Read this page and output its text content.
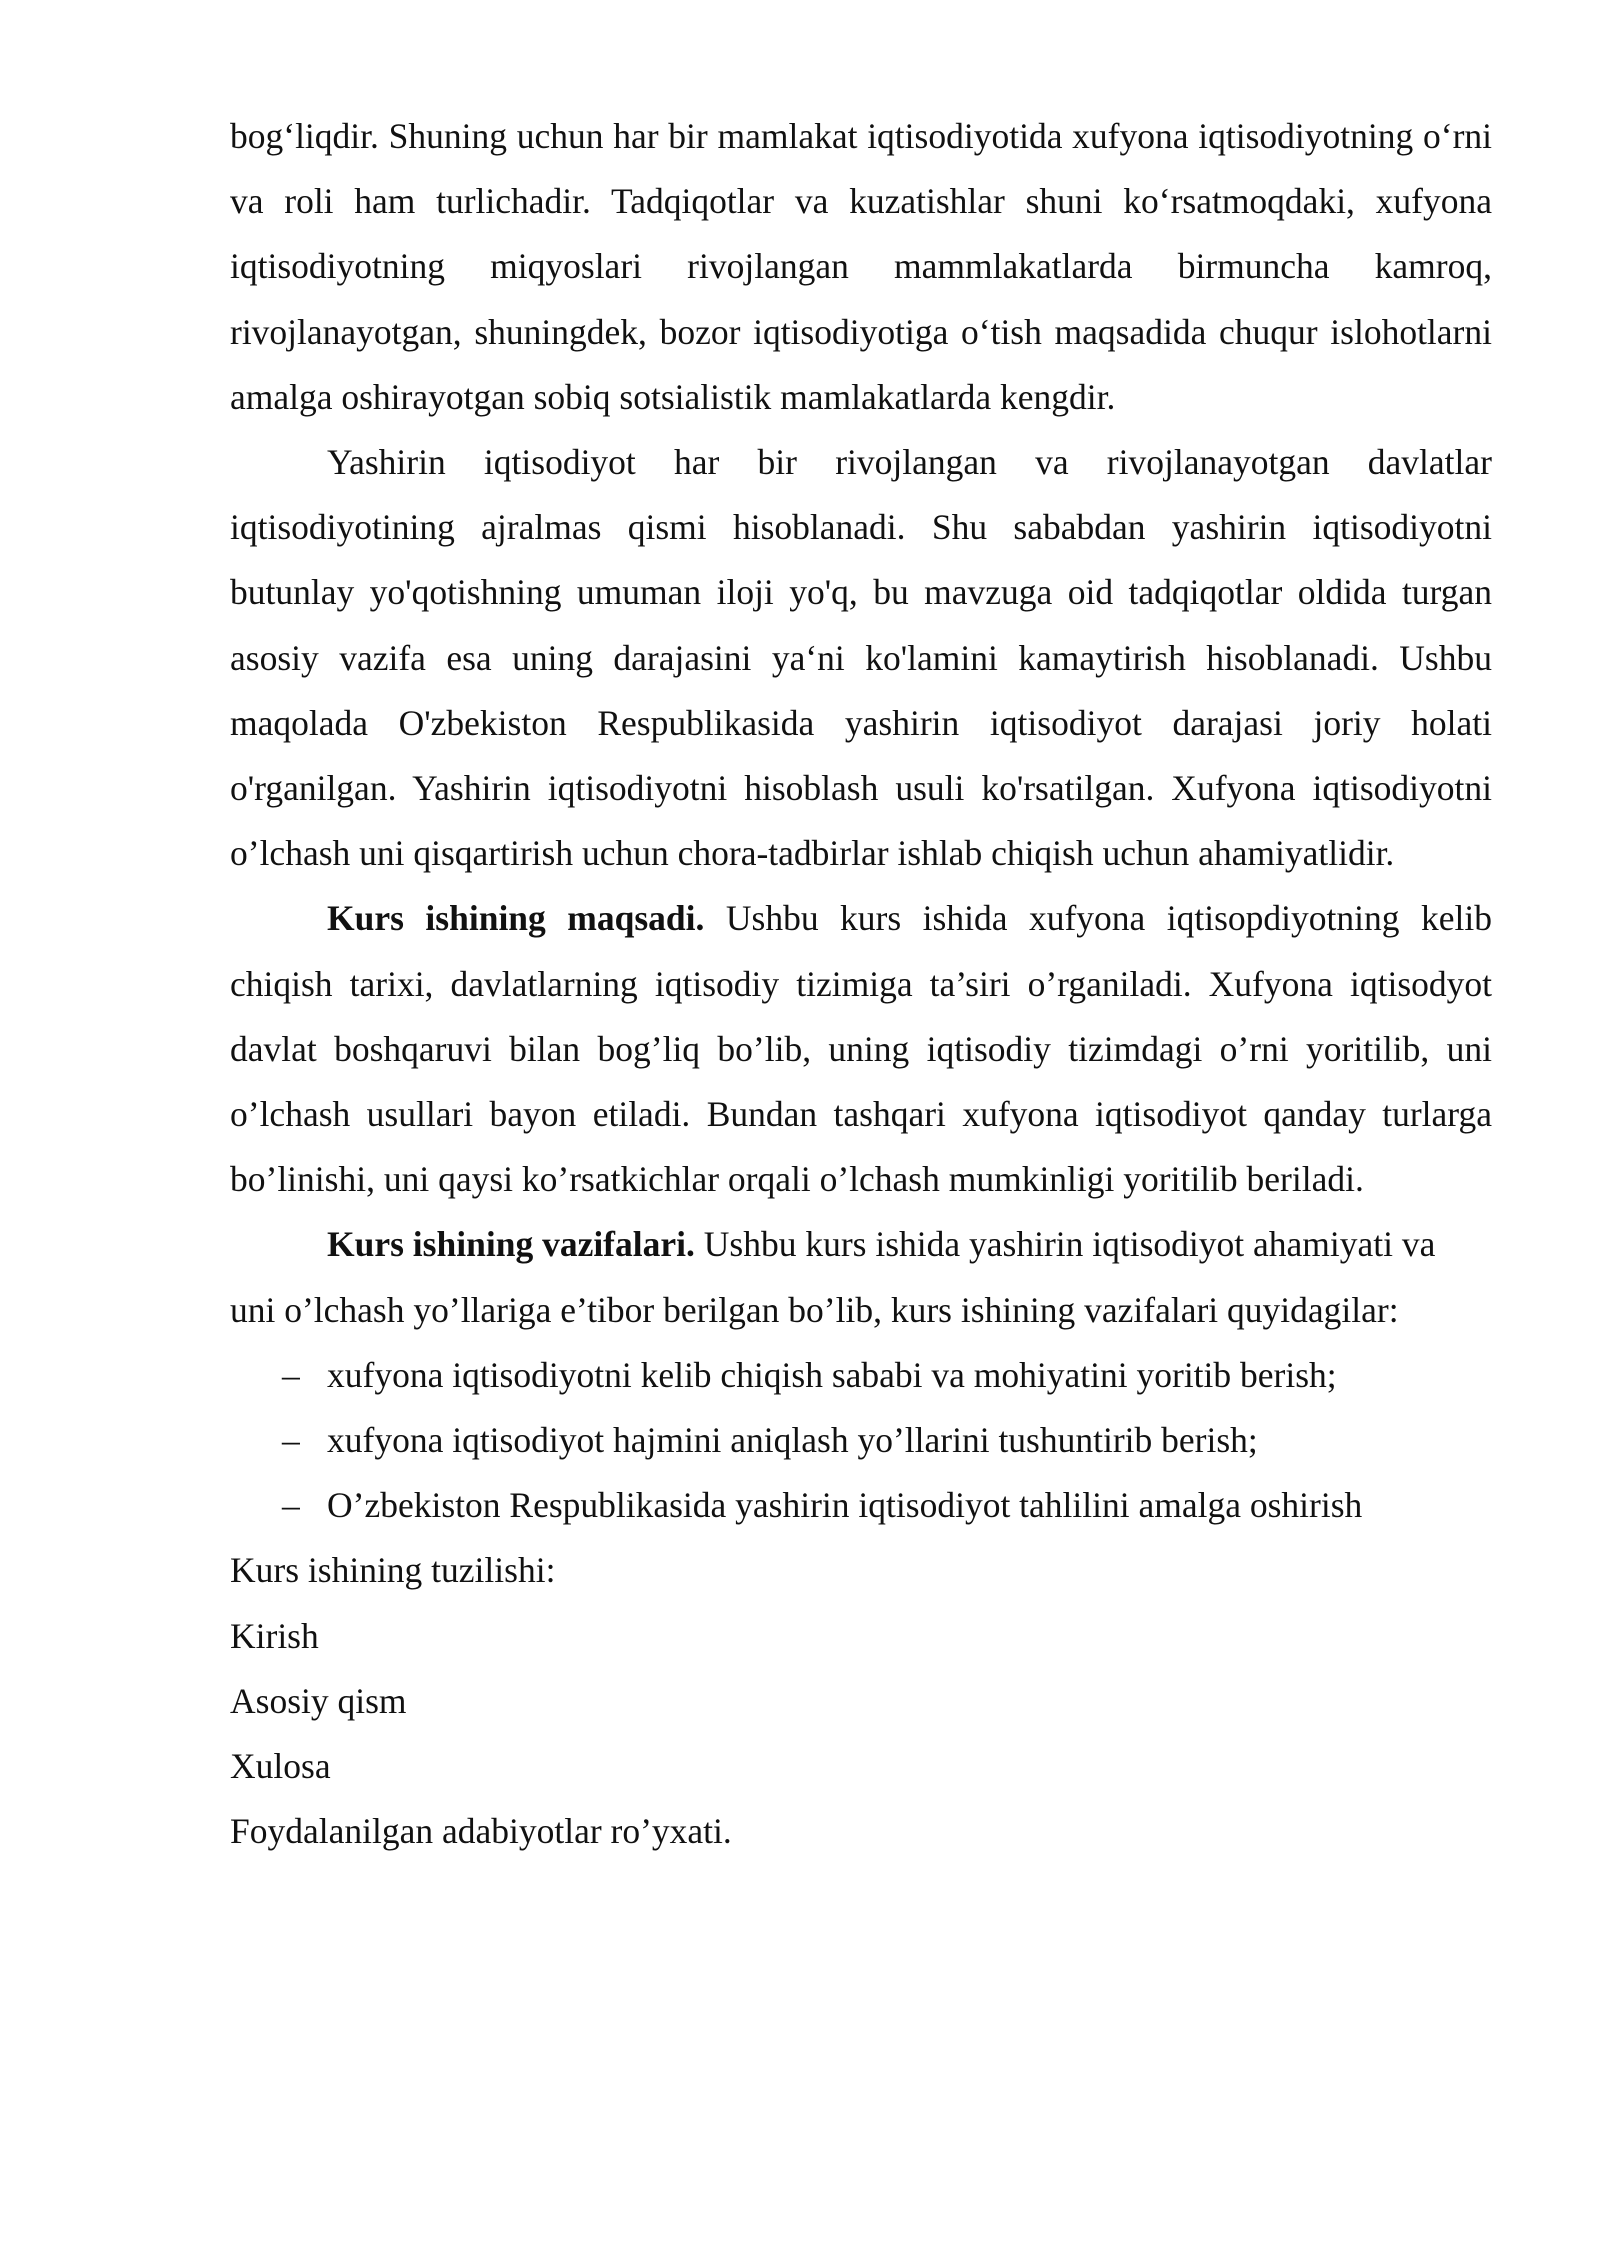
bog‘liqdir. Shuning uchun har bir mamlakat iqtisodiyotida xufyona iqtisodiyotning o‘rni va roli ham turlichadir. Tadqiqotlar va kuzatishlar shuni ko‘rsatmoqdaki, xufyona iqtisodiyotning miqyoslari rivojlangan mammlakatlarda birmuncha kamroq, rivojlanayotgan, shuningdek, bozor iqtisodiyotiga o‘tish maqsadida chuqur islohotlarni amalga oshirayotgan sobiq sotsialistik mamlakatlarda kengdir.

Yashirin iqtisodiyot har bir rivojlangan va rivojlanayotgan davlatlar iqtisodiyotining ajralmas qismi hisoblanadi. Shu sababdan yashirin iqtisodiyotni butunlay yo'qotishning umuman iloji yo'q, bu mavzuga oid tadqiqotlar oldida turgan asosiy vazifa esa uning darajasini ya‘ni ko'lamini kamaytirish hisoblanadi. Ushbu maqolada O'zbekiston Respublikasida yashirin iqtisodiyot darajasi joriy holati o'rganilgan. Yashirin iqtisodiyotni hisoblash usuli ko'rsatilgan. Xufyona iqtisodiyotni o’lchash uni qisqartirish uchun chora-tadbirlar ishlab chiqish uchun ahamiyatlidir.

Kurs ishining maqsadi. Ushbu kurs ishida xufyona iqtisopdiyotning kelib chiqish tarixi, davlatlarning iqtisodiy tizimiga ta’siri o’rganiladi. Xufyona iqtisodyot davlat boshqaruvi bilan bog’liq bo’lib, uning iqtisodiy tizimdagi o’rni yoritilib, uni o’lchash usullari bayon etiladi. Bundan tashqari xufyona iqtisodiyot qanday turlarga bo’linishi, uni qaysi ko’rsatkichlar orqali o’lchash mumkinligi yoritilib beriladi.

Kurs ishining vazifalari. Ushbu kurs ishida yashirin iqtisodiyot ahamiyati va

uni o’lchash yo’llariga e’tibor berilgan bo’lib, kurs ishining vazifalari quyidagilar:

– xufyona iqtisodiyotni kelib chiqish sababi va mohiyatini yoritib berish;

– xufyona iqtisodiyot hajmini aniqlash yo’llarini tushuntirib berish;

– O’zbekiston Respublikasida yashirin iqtisodiyot tahlilini amalga oshirish

Kurs ishining tuzilishi:

Kirish

Asosiy qism

Xulosa

Foydalanilgan adabiyotlar ro’yxati.
